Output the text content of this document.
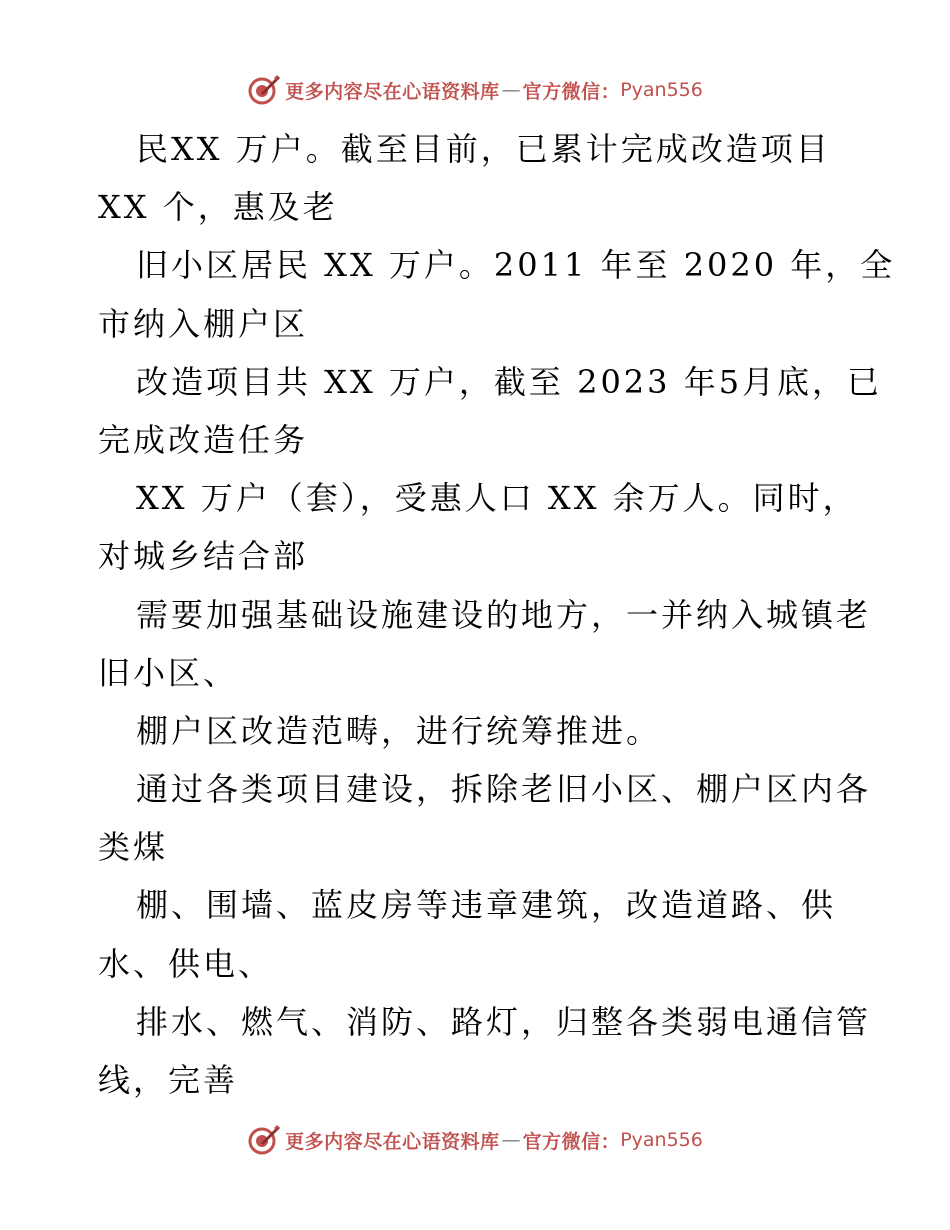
更多内容尽在心语资料库 — 官方微信： Pyan556
民XX 万户。截至目前，已累计完成改造项目
XX 个，惠及老
旧小区居民 XX 万户。2011 年至 2020 年，全
市纳入棚户区
改造项目共 XX 万户，截至 2023 年5月底，已
完成改造任务
XX 万户（套），受惠人口 XX 余万人。同时，
对城乡结合部
需要加强基础设施建设的地方，一并纳入城镇老
旧小区、
棚户区改造范畴，进行统筹推进。
通过各类项目建设，拆除老旧小区、棚户区内各
类煤
棚、围墙、蓝皮房等违章建筑，改造道路、供
水、供电、
排水、燃气、消防、路灯，归整各类弱电通信管
线，完善
更多内容尽在心语资料库 — 官方微信： Pyan556
